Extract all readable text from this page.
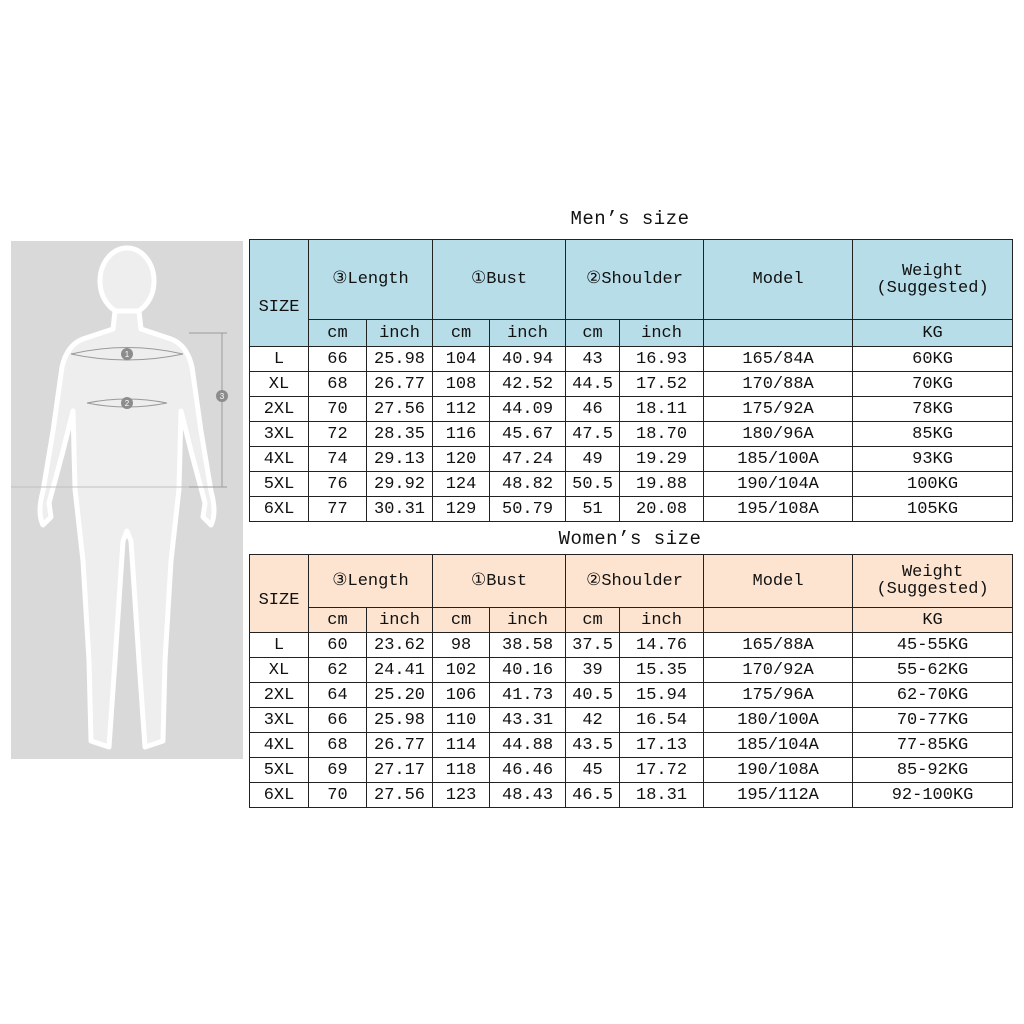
1
2
3
Men’s size
SIZE	③Length		①Bust		②Shoulder		Model	Weight
(Suggested)

	cm	inch	cm	inch	cm	inch		KG
L	66	25.98	104	40.94	43	16.93	165/84A	60KG
XL	68	26.77	108	42.52	44.5	17.52	170/88A	70KG
2XL	70	27.56	112	44.09	46	18.11	175/92A	78KG
3XL	72	28.35	116	45.67	47.5	18.70	180/96A	85KG
4XL	74	29.13	120	47.24	49	19.29	185/100A	93KG
5XL	76	29.92	124	48.82	50.5	19.88	190/104A	100KG
6XL	77	30.31	129	50.79	51	20.08	195/108A	105KG
Women’s size
SIZE	③Length		①Bust		②Shoulder		Model	Weight
(Suggested)

	cm	inch	cm	inch	cm	inch		KG
L	60	23.62	98	38.58	37.5	14.76	165/88A	45-55KG
XL	62	24.41	102	40.16	39	15.35	170/92A	55-62KG
2XL	64	25.20	106	41.73	40.5	15.94	175/96A	62-70KG
3XL	66	25.98	110	43.31	42	16.54	180/100A	70-77KG
4XL	68	26.77	114	44.88	43.5	17.13	185/104A	77-85KG
5XL	69	27.17	118	46.46	45	17.72	190/108A	85-92KG
6XL	70	27.56	123	48.43	46.5	18.31	195/112A	92-100KG
